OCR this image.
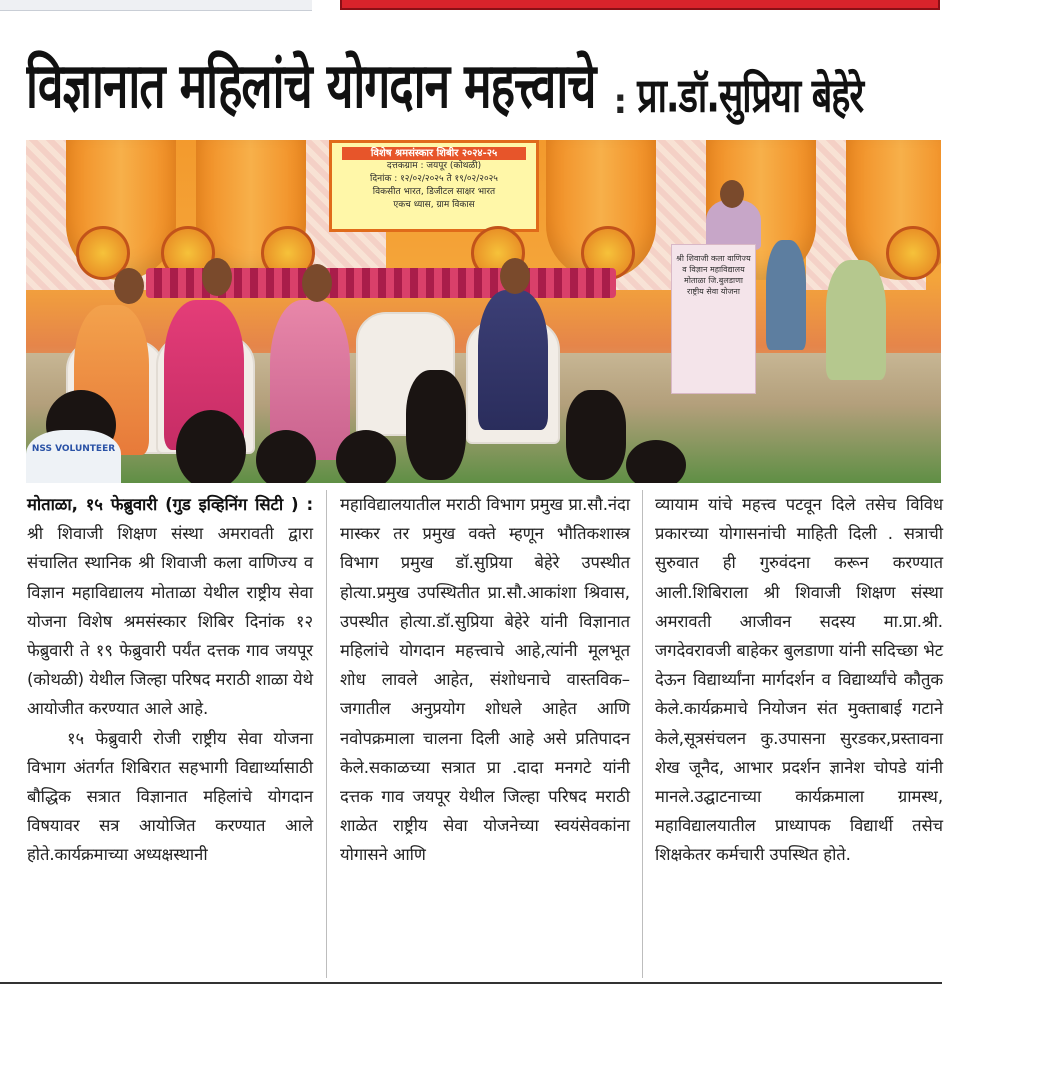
विज्ञानात महिलांचे योगदान महत्त्वाचे : प्रा.डॉ.सुप्रिया बेहेरे
विशेष श्रमसंस्कार शिबीर २०२४-२५
दत्तकग्राम : जयपूर (कोथळी)
दिनांक : १२/०२/२०२५ ते १९/०२/२०२५
विकसीत भारत, डिजीटल साक्षर भारत
एकच ध्यास, ग्राम विकास
श्री शिवाजी कला वाणिज्य
व विज्ञान महाविद्यालय
मोताळा जि.बुलडाणा
राष्ट्रीय सेवा योजना
NSS VOLUNTEER

मोताळा, १५ फेब्रुवारी (गुड इव्हिनिंग सिटी ) : श्री शिवाजी शिक्षण संस्था अमरावती द्वारा संचालित स्थानिक श्री शिवाजी कला वाणिज्य व विज्ञान महाविद्यालय मोताळा येथील राष्ट्रीय सेवा योजना विशेष श्रमसंस्कार शिबिर दिनांक १२ फेब्रुवारी ते १९ फेब्रुवारी पर्यंत दत्तक गाव जयपूर (कोथळी) येथील जिल्हा परिषद मराठी शाळा येथे आयोजीत करण्यात आले आहे.

१५ फेब्रुवारी रोजी राष्ट्रीय सेवा योजना विभाग अंतर्गत शिबिरात सहभागी विद्यार्थ्यासाठी बौद्धिक सत्रात विज्ञानात महिलांचे योगदान विषयावर सत्र आयोजित करण्यात आले होते.कार्यक्रमाच्या अध्यक्षस्थानी

महाविद्यालयातील मराठी विभाग प्रमुख प्रा.सौ.नंदा मास्कर तर प्रमुख वक्ते म्हणून भौतिकशास्त्र विभाग प्रमुख डॉ.सुप्रिया बेहेरे उपस्थीत होत्या.प्रमुख उपस्थितीत प्रा.सौ.आकांशा श्रिवास, उपस्थीत होत्या.डॉ.सुप्रिया बेहेरे यांनी विज्ञानात महिलांचे योगदान महत्त्वाचे आहे,त्यांनी मूलभूत शोध लावले आहेत, संशोधनाचे वास्तविक–जगातील अनुप्रयोग शोधले आहेत आणि नवोपक्रमाला चालना दिली आहे असे प्रतिपादन केले.सकाळच्या सत्रात प्रा .दादा मनगटे यांनी दत्तक गाव जयपूर येथील जिल्हा परिषद मराठी शाळेत राष्ट्रीय सेवा योजनेच्या स्वयंसेवकांना योगासने आणि

व्यायाम यांचे महत्त्व पटवून दिले तसेच विविध प्रकारच्या योगासनांची माहिती दिली . सत्राची सुरुवात ही गुरुवंदना करून करण्यात आली.शिबिराला श्री शिवाजी शिक्षण संस्था अमरावती आजीवन सदस्य मा.प्रा.श्री. जगदेवरावजी बाहेकर बुलडाणा यांनी सदिच्छा भेट देऊन विद्यार्थ्यांना मार्गदर्शन व विद्यार्थ्यांचे कौतुक केले.कार्यक्रमाचे नियोजन संत मुक्ताबाई गटाने केले,सूत्रसंचलन कु.उपासना सुरडकर,प्रस्तावना शेख जूनैद, आभार प्रदर्शन ज्ञानेश चोपडे यांनी मानले.उद्घाटनाच्या कार्यक्रमाला ग्रामस्थ, महाविद्यालयातील प्राध्यापक विद्यार्थी तसेच शिक्षकेतर कर्मचारी उपस्थित होते.
